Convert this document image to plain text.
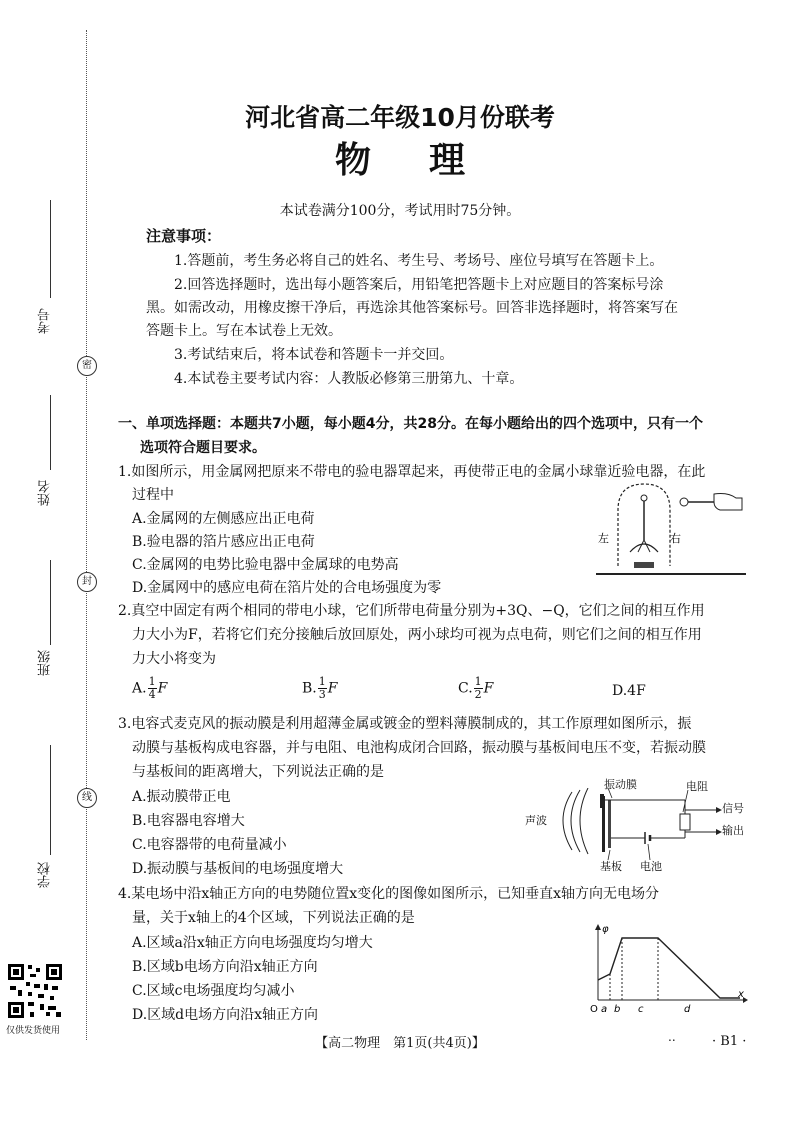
密
封
线
考号
姓名
班级
学校
仅供发货使用
河北省高二年级10月份联考
物理
本试卷满分100分，考试用时75分钟。
注意事项：
1.答题前，考生务必将自己的姓名、考生号、考场号、座位号填写在答题卡上。
2.回答选择题时，选出每小题答案后，用铅笔把答题卡上对应题目的答案标号涂
黑。如需改动，用橡皮擦干净后，再选涂其他答案标号。回答非选择题时，将答案写在
答题卡上。写在本试卷上无效。
3.考试结束后，将本试卷和答题卡一并交回。
4.本试卷主要考试内容：人教版必修第三册第九、十章。
一、单项选择题：本题共7小题，每小题4分，共28分。在每小题给出的四个选项中，只有一个
选项符合题目要求。
1.如图所示，用金属网把原来不带电的验电器罩起来，再使带正电的金属小球靠近验电器，在此
过程中
A.金属网的左侧感应出正电荷
B.验电器的箔片感应出正电荷
C.金属网的电势比验电器中金属球的电势高
D.金属网中的感应电荷在箔片处的合电场强度为零
左	右
2.真空中固定有两个相同的带电小球，它们所带电荷量分别为+3Q、−Q，它们之间的相互作用
力大小为F，若将它们充分接触后放回原处，两小球均可视为点电荷，则它们之间的相互作用
力大小将变为
A. $\frac{1}{4}$ F	B. $\frac{1}{3}$ F	C. $\frac{1}{2}$ F	D.4F
3.电容式麦克风的振动膜是利用超薄金属或镀金的塑料薄膜制成的，其工作原理如图所示，振
动膜与基板构成电容器，并与电阻、电池构成闭合回路，振动膜与基板间电压不变，若振动膜
与基板间的距离增大，下列说法正确的是
A.振动膜带正电
B.电容器电容增大
C.电容器带的电荷量减小
D.振动膜与基板间的电场强度增大
振动膜	电阻
声波
信号
输出
基板 电池
4.某电场中沿x轴正方向的电势随位置x变化的图像如图所示，已知垂直x轴方向无电场分
量，关于x轴上的4个区域，下列说法正确的是
A.区域a沿x轴正方向电场强度均匀增大
B.区域b电场方向沿x轴正方向
C.区域c电场强度均匀减小
D.区域d电场方向沿x轴正方向
φ
x
O a b c	d
【高二物理　第1页(共4页)】	..	· B1 ·
